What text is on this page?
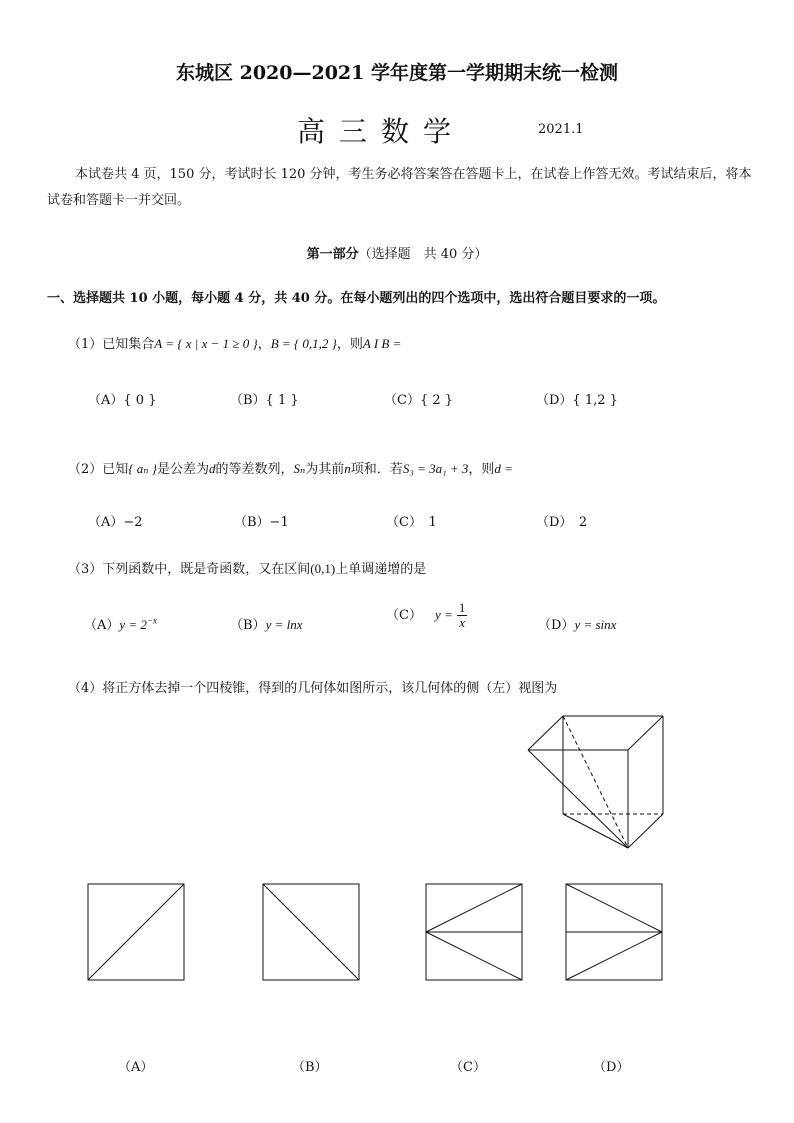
东城区 2020—2021 学年度第一学期期末统一检测
高三数学	2021.1
本试卷共 4 页，150 分，考试时长 120 分钟，考生务必将答案答在答题卡上，在试卷上作答无效。考试结束后，将本试卷和答题卡一并交回。
第一部分（选择题　共 40 分）
一、选择题共 10 小题，每小题 4 分，共 40 分。在每小题列出的四个选项中，选出符合题目要求的一项。
（1）已知集合A = { x | x − 1 ≥ 0 }，B = { 0,1,2 }，则A I B =
（A）{ 0 }	（B）{ 1 }	（C）{ 2 }	（D）{ 1,2 }
（2）已知{ aₙ }是公差为d的等差数列，Sₙ为其前n项和．若S₃ = 3a₁ + 3，则d =
（A）−2	（B）−1	（C）　1	（D）　2
（3）下列函数中，既是奇函数，又在区间(0,1)上单调递增的是
$(A)y = 2^{-x}$	（B）y = lnx
（C）  $y = \frac{1}{x}$	（D）y = sinx
（4）将正方体去掉一个四棱锥，得到的几何体如图所示，该几何体的侧（左）视图为
（A）	（B）	（C）	（D）
